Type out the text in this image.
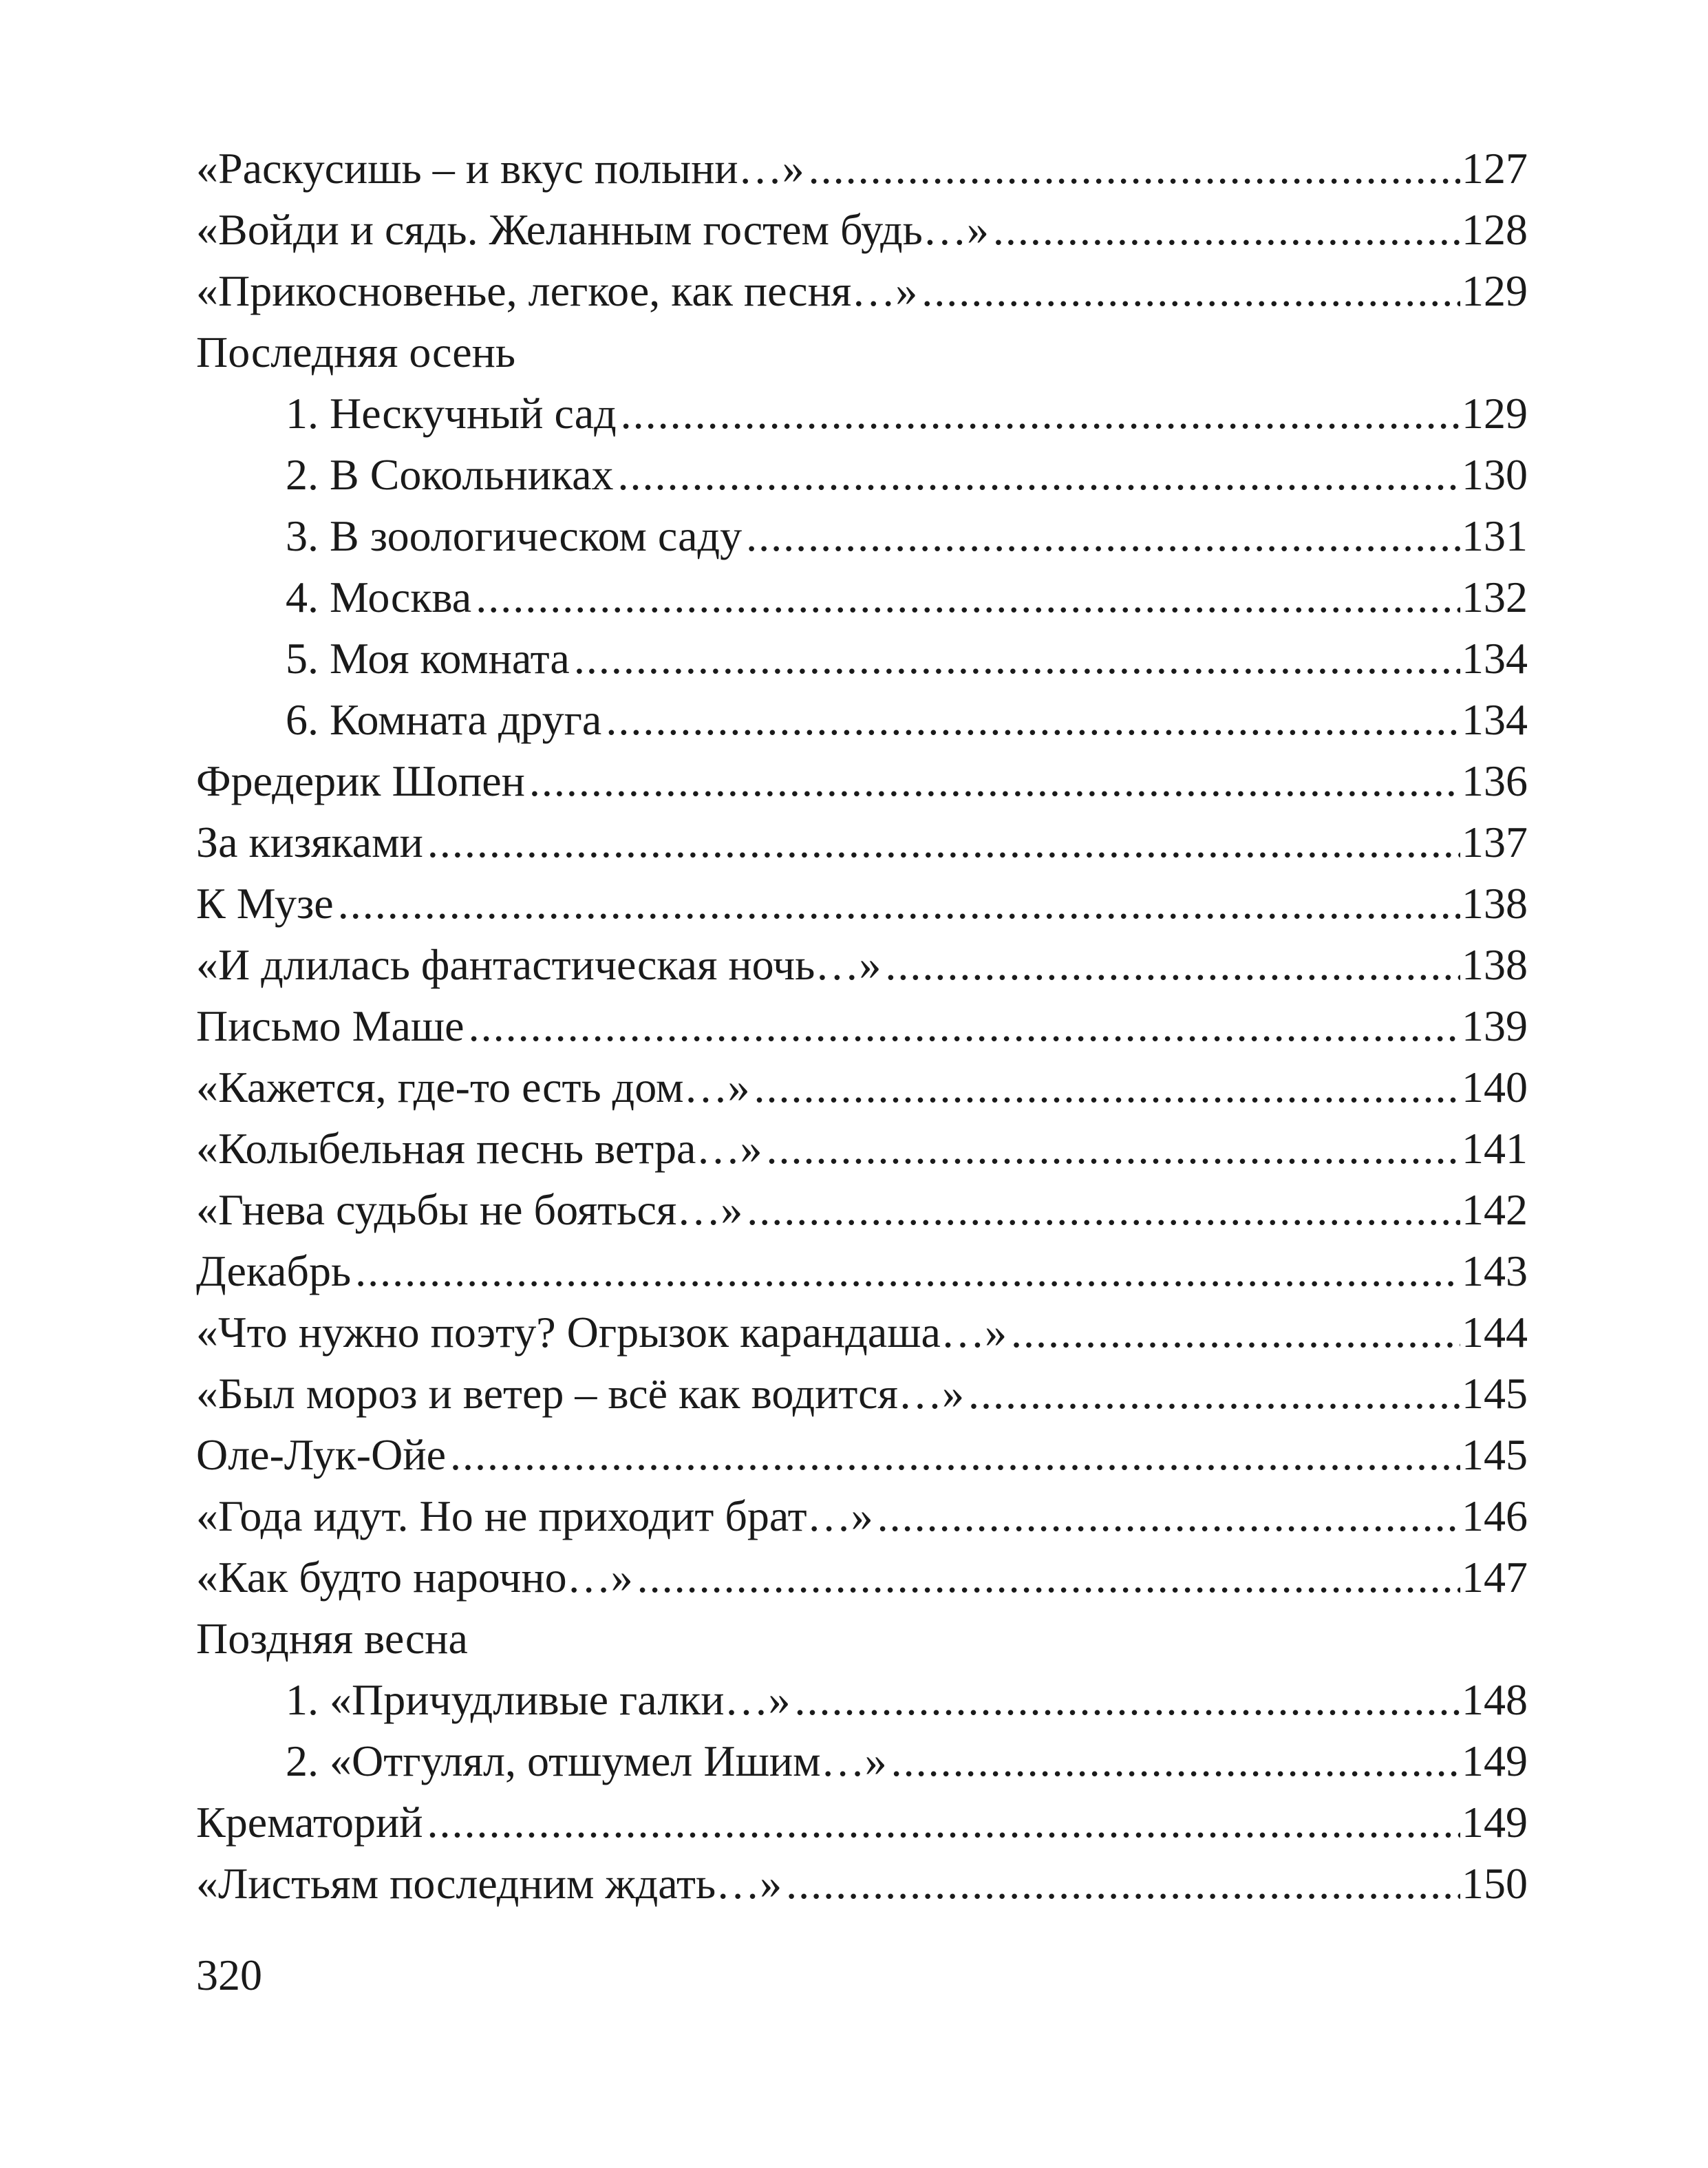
«Раскусишь – и вкус полыни…» .....	127
«Войди и сядь. Желанным гостем будь…» .....	128
«Прикосновенье, легкое, как песня…» .....	129
Последняя осень
1. Нескучный сад .....	129
2. В Сокольниках .....	130
3. В зоологическом саду .....	131
4. Москва .....	132
5. Моя комната .....	134
6. Комната друга .....	134
Фредерик Шопен .....	136
За кизяками .....	137
К Музе .....	138
«И длилась фантастическая ночь…» .....	138
Письмо Маше .....	139
«Кажется, где-то есть дом…» .....	140
«Колыбельная песнь ветра…» .....	141
«Гнева судьбы не бояться…» .....	142
Декабрь .....	143
«Что нужно поэту? Огрызок карандаша…» .....	144
«Был мороз и ветер – всё как водится…» .....	145
Оле-Лук-Ойе .....	145
«Года идут. Но не приходит брат…» .....	146
«Как будто нарочно…» .....	147
Поздняя весна
1. «Причудливые галки…» .....	148
2. «Отгулял, отшумел Ишим…» .....	149
Крематорий .....	149
«Листьям последним ждать…» .....	150
320
